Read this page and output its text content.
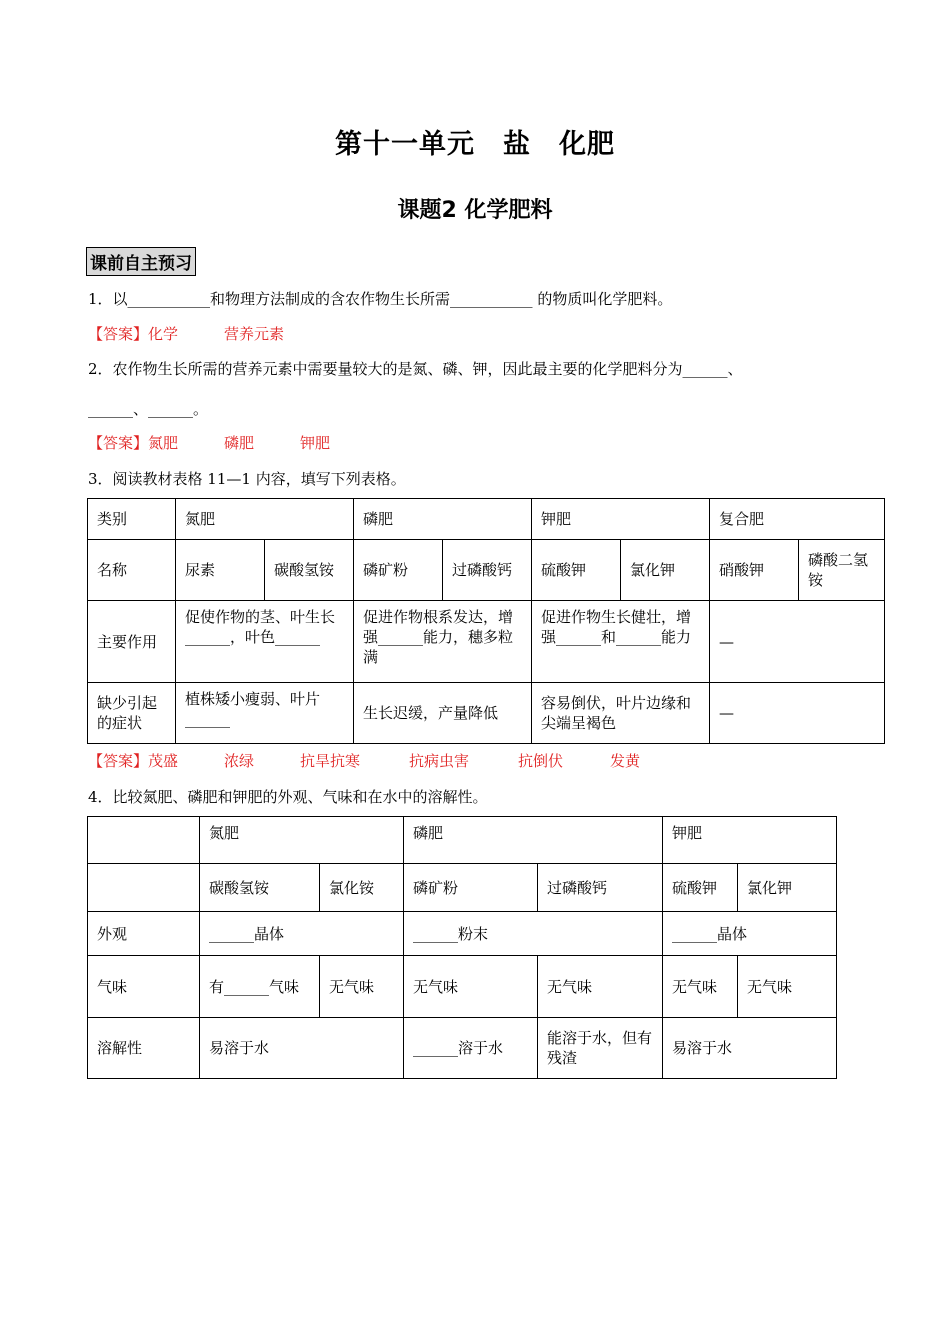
第十一单元　盐　化肥
课题2 化学肥料
课前自主预习
1．以___________和物理方法制成的含农作物生长所需___________ 的物质叫化学肥料。
【答案】化学	营养元素
2．农作物生长所需的营养元素中需要量较大的是氮、磷、钾，因此最主要的化学肥料分为______、
______、______。
【答案】氮肥	磷肥	钾肥
3．阅读教材表格 11—1 内容，填写下列表格。
类别	氮肥		磷肥		钾肥		复合肥	
名称	尿素	碳酸氢铵	磷矿粉	过磷酸钙	硫酸钾	氯化钾	硝酸钾	磷酸二氢铵
主要作用	促使作物的茎、叶生长______，叶色______		促进作物根系发达，增强______能力，穗多粒满		促进作物生长健壮，增强______和______能力		—	
缺少引起的症状	植株矮小瘦弱、叶片______		生长迟缓，产量降低		容易倒伏，叶片边缘和尖端呈褐色		—	
【答案】茂盛	浓绿	抗旱抗寒	抗病虫害	抗倒伏	发黄
4．比较氮肥、磷肥和钾肥的外观、气味和在水中的溶解性。
	氮肥		磷肥		钾肥	
	碳酸氢铵	氯化铵	磷矿粉	过磷酸钙	硫酸钾	氯化钾
外观	______晶体		______粉末		______晶体	
气味	有______气味	无气味	无气味	无气味	无气味	无气味
溶解性	易溶于水		______溶于水	能溶于水，但有残渣	易溶于水	
